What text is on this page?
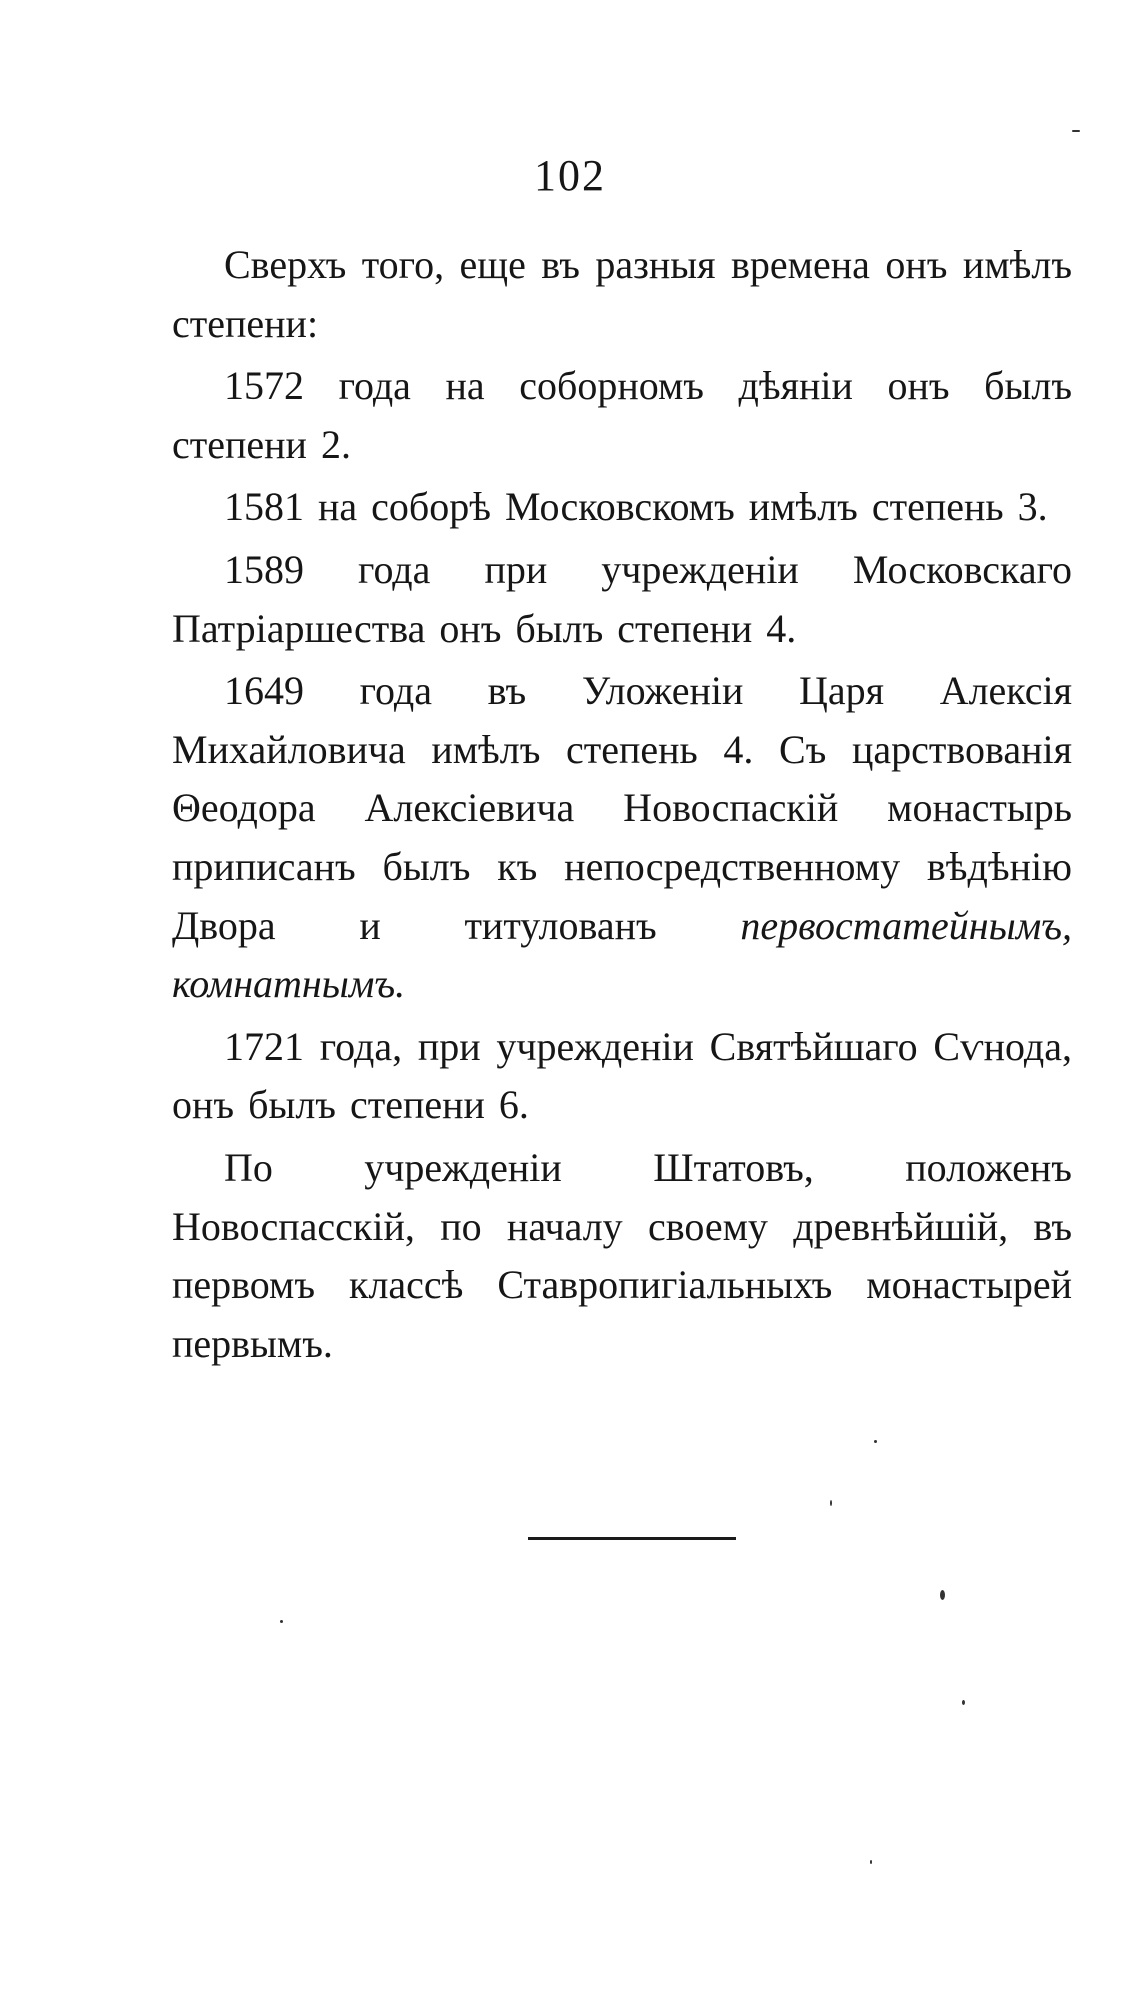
102

Сверхъ того, еще въ разныя времена онъ имѣлъ степени:

1572 года на соборномъ дѣяніи онъ былъ степени 2.

1581 на соборѣ Московскомъ имѣлъ степень 3.

1589 года при учрежденіи Московскаго Патріаршества онъ былъ степени 4.

1649 года въ Уложеніи Царя Алексія Михайловича имѣлъ степень 4. Съ царствованія Θеодора Алексіевича Новоспаскій монастырь приписанъ былъ къ непосредственному вѣдѣнію Двора и титулованъ первостатейнымъ, комнатнымъ.

1721 года, при учрежденіи Святѣйшаго Сѵнода, онъ былъ степени 6.

По учрежденіи Штатовъ, положенъ Новоспасскій, по началу своему древнѣйшій, въ первомъ классѣ Ставропигіальныхъ монастырей первымъ.
